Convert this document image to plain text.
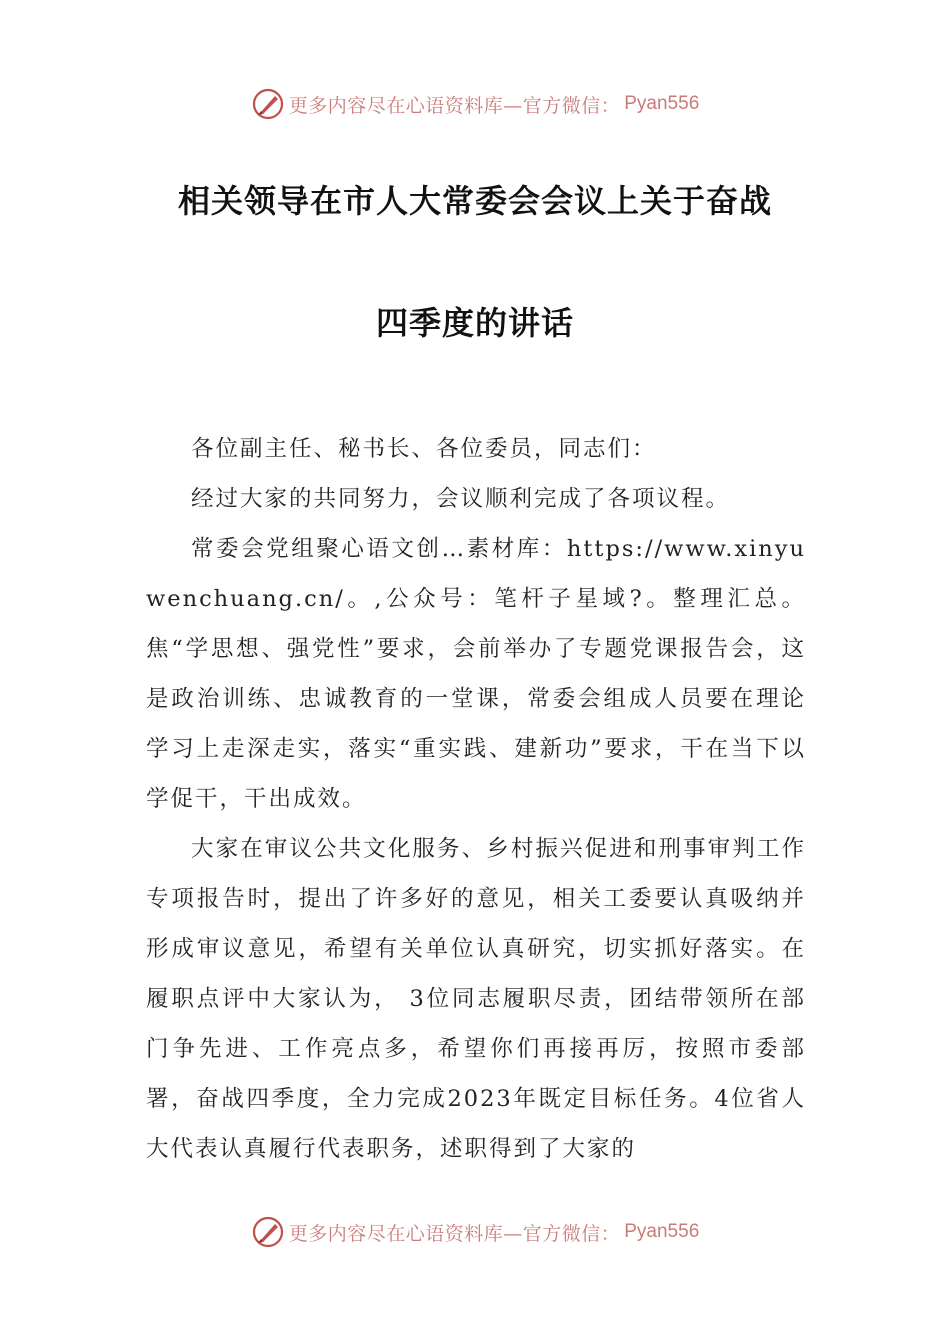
更多内容尽在心语资料库—官方微信： Pyan556
相关领导在市人大常委会会议上关于奋战
四季度的讲话

各位副主任、秘书长、各位委员，同志们：

经过大家的共同努力，会议顺利完成了各项议程。

常委会党组聚心语文创…素材库：https://www.xinyuwenchuang.cn/。,公众号：笔杆子星域?。整理汇总。焦“学思想、强党性”要求，会前举办了专题党课报告会，这是政治训练、忠诚教育的一堂课，常委会组成人员要在理论学习上走深走实，落实“重实践、建新功”要求，干在当下以学促干，干出成效。

大家在审议公共文化服务、乡村振兴促进和刑事审判工作专项报告时，提出了许多好的意见，相关工委要认真吸纳并形成审议意见，希望有关单位认真研究，切实抓好落实。在履职点评中大家认为， 3位同志履职尽责，团结带领所在部门争先进、工作亮点多，希望你们再接再厉，按照市委部署，奋战四季度，全力完成2023年既定目标任务。4位省人大代表认真履行代表职务，述职得到了大家的

更多内容尽在心语资料库—官方微信： Pyan556
